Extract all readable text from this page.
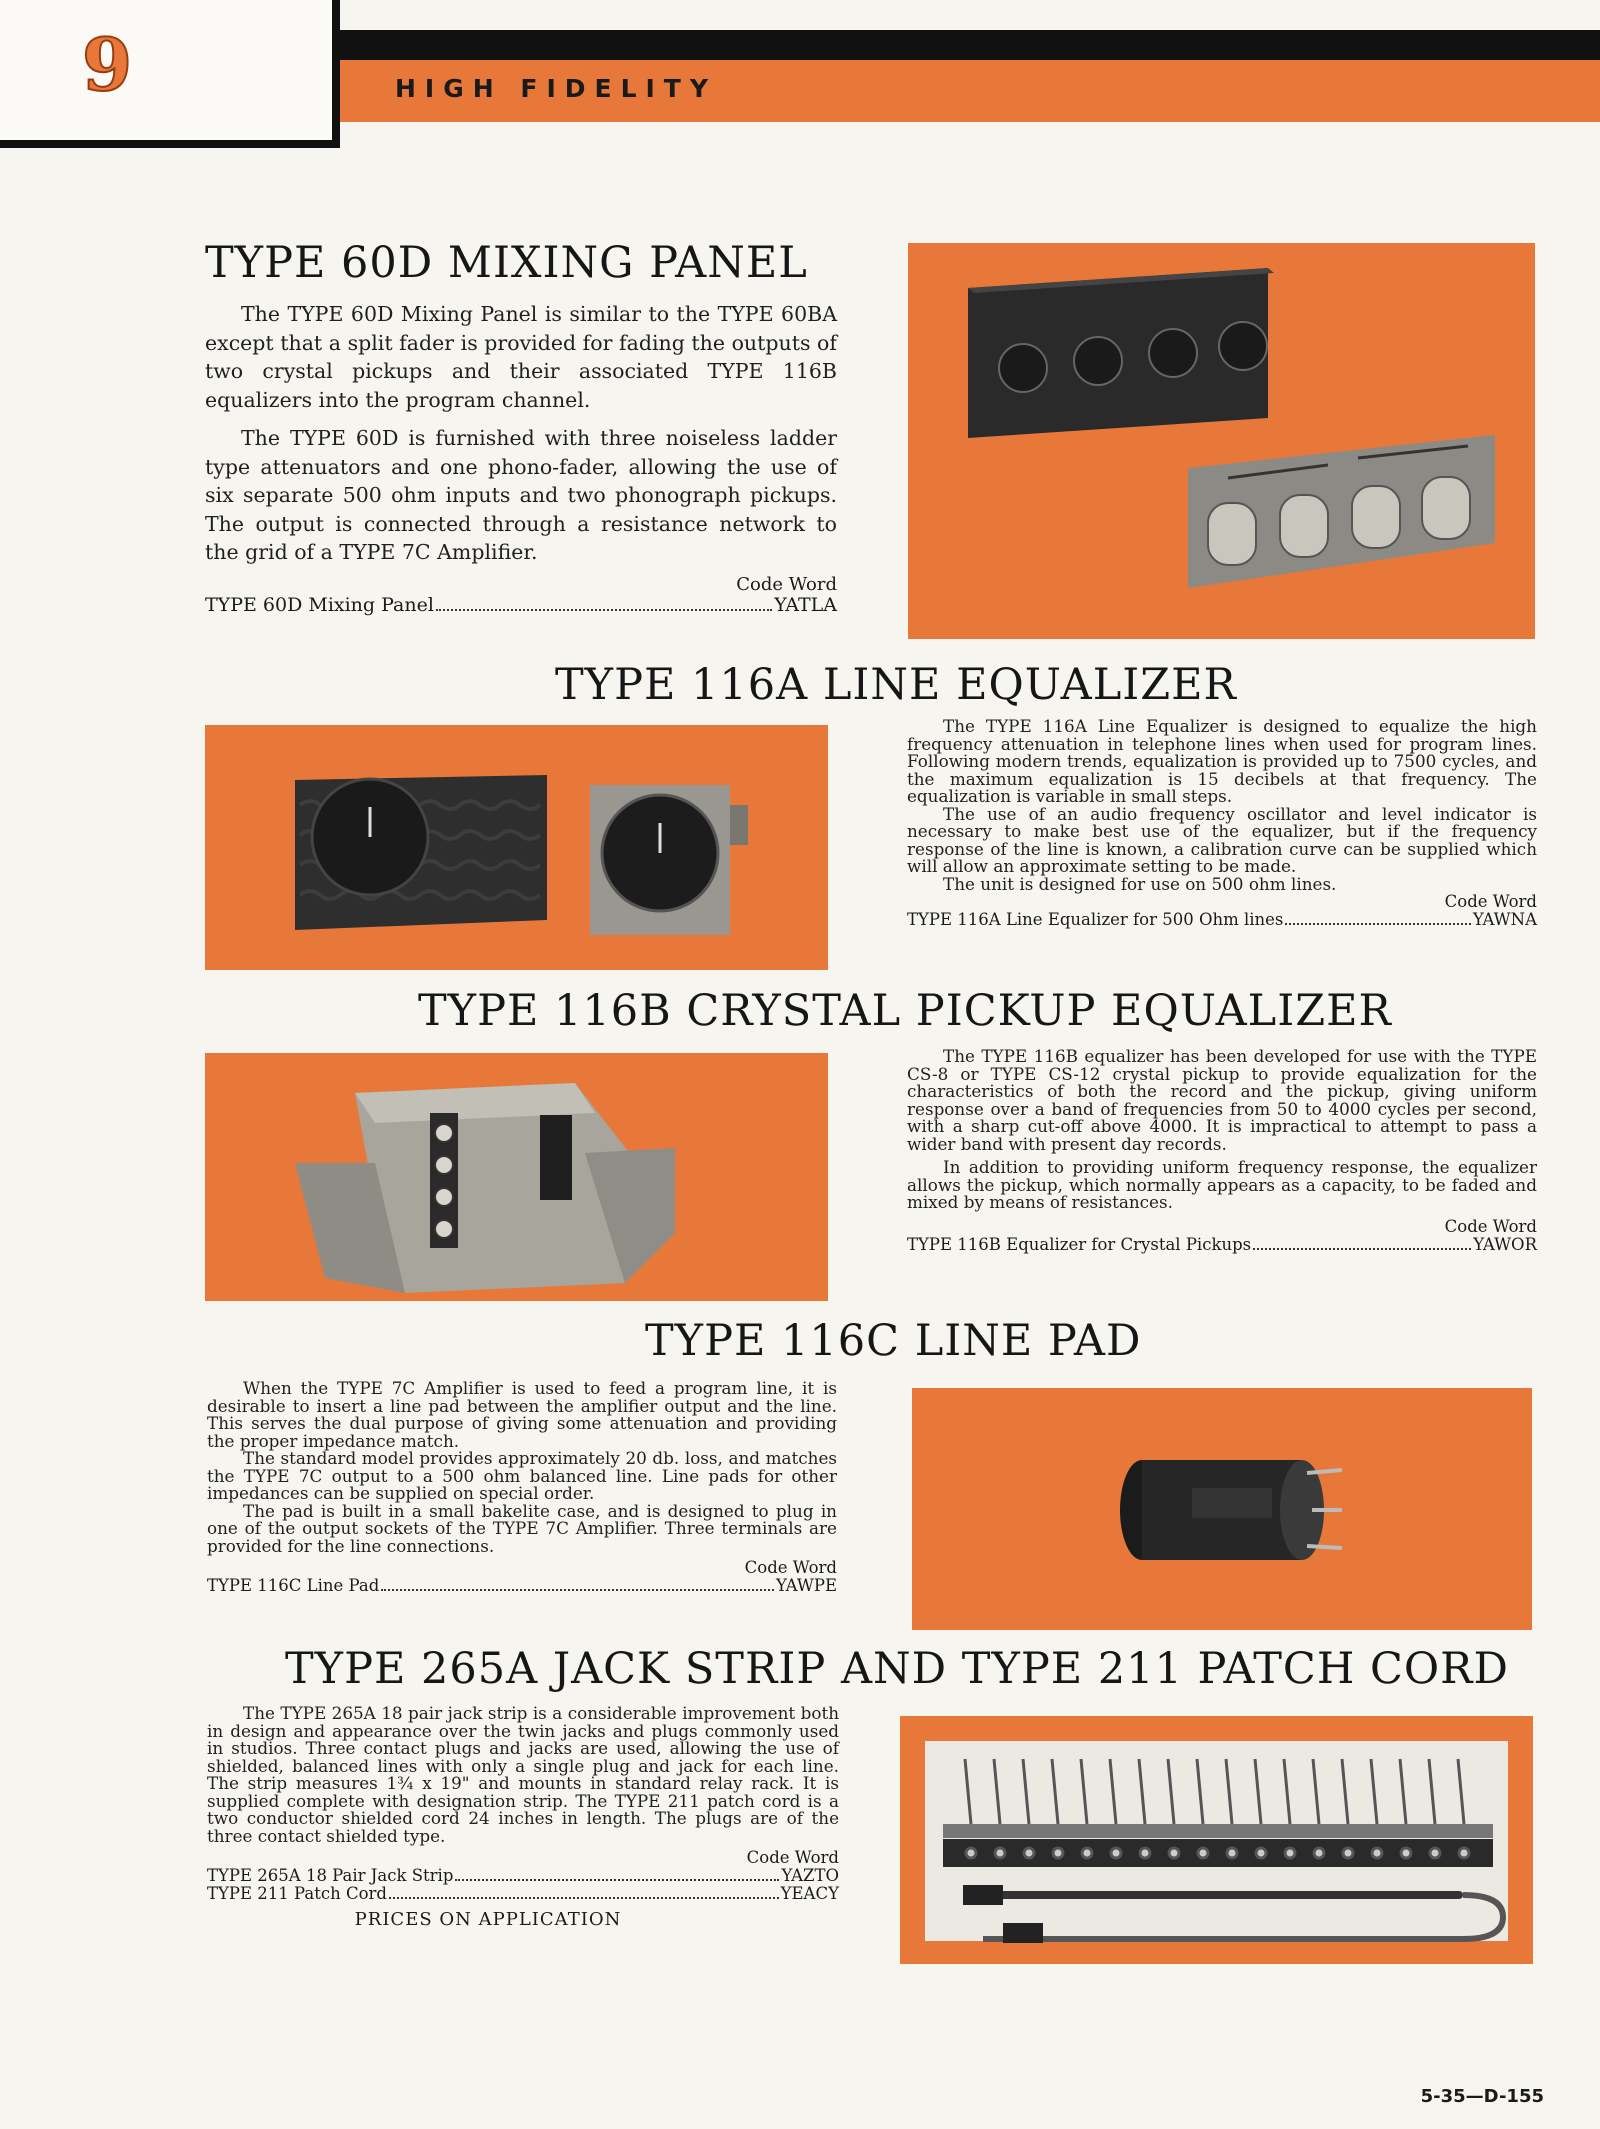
HIGH FIDELITY
9
TYPE 60D MIXING PANEL

The TYPE 60D Mixing Panel is similar to the TYPE 60BA except that a split fader is provided for fading the outputs of two crystal pickups and their associated TYPE 116B equalizers into the program channel.

The TYPE 60D is furnished with three noiseless ladder type attenuators and one phono-fader, allowing the use of six separate 500 ohm inputs and two phonograph pickups. The output is connected through a resistance network to the grid of a TYPE 7C Amplifier.

Code Word
TYPE 60D Mixing Panel	YATLA
TYPE 116A LINE EQUALIZER

The TYPE 116A Line Equalizer is designed to equalize the high frequency attenuation in telephone lines when used for program lines. Following modern trends, equalization is provided up to 7500 cycles, and the maximum equalization is 15 decibels at that frequency. The equalization is variable in small steps.

The use of an audio frequency oscillator and level indicator is necessary to make best use of the equalizer, but if the frequency response of the line is known, a calibration curve can be supplied which will allow an approximate setting to be made.

The unit is designed for use on 500 ohm lines.

Code Word
TYPE 116A Line Equalizer for 500 Ohm lines	YAWNA
TYPE 116B CRYSTAL PICKUP EQUALIZER

The TYPE 116B equalizer has been developed for use with the TYPE CS-8 or TYPE CS-12 crystal pickup to provide equalization for the characteristics of both the record and the pickup, giving uniform response over a band of frequencies from 50 to 4000 cycles per second, with a sharp cut-off above 4000. It is impractical to attempt to pass a wider band with present day records.

In addition to providing uniform frequency response, the equalizer allows the pickup, which normally appears as a capacity, to be faded and mixed by means of resistances.

Code Word
TYPE 116B Equalizer for Crystal Pickups	YAWOR
TYPE 116C LINE PAD

When the TYPE 7C Amplifier is used to feed a program line, it is desirable to insert a line pad between the amplifier output and the line. This serves the dual purpose of giving some attenuation and providing the proper impedance match.

The standard model provides approximately 20 db. loss, and matches the TYPE 7C output to a 500 ohm balanced line. Line pads for other impedances can be supplied on special order.

The pad is built in a small bakelite case, and is designed to plug in one of the output sockets of the TYPE 7C Amplifier. Three terminals are provided for the line connections.

Code Word
TYPE 116C Line Pad	YAWPE
TYPE 265A JACK STRIP AND TYPE 211 PATCH CORD

The TYPE 265A 18 pair jack strip is a considerable improvement both in design and appearance over the twin jacks and plugs commonly used in studios. Three contact plugs and jacks are used, allowing the use of shielded, balanced lines with only a single plug and jack for each line. The strip measures 1¾ x 19" and mounts in standard relay rack. It is supplied complete with designation strip. The TYPE 211 patch cord is a two conductor shielded cord 24 inches in length. The plugs are of the three contact shielded type.

Code Word
TYPE 265A 18 Pair Jack Strip	YAZTO
TYPE 211 Patch Cord	YEACY
PRICES ON APPLICATION
5-35—D-155
